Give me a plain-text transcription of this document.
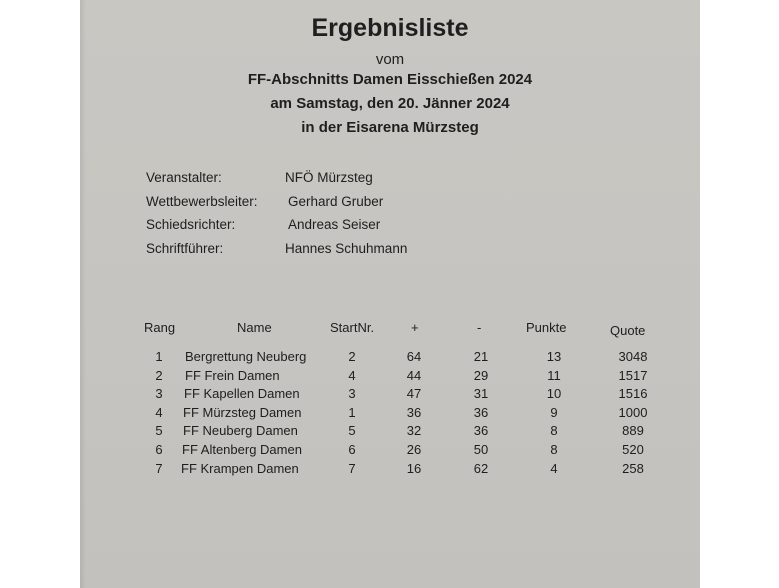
Ergebnisliste
vom
FF-Abschnitts Damen Eisschießen 2024
am Samstag, den 20. Jänner 2024
in der Eisarena Mürzsteg
Veranstalter:	NFÖ Mürzsteg
Wettbewerbsleiter: Gerhard Gruber
Schiedsrichter:	Andreas Seiser
Schriftführer:	Hannes Schuhmann
Rang	Name	StartNr.	+	-	Punkte	Quote
1	Bergrettung Neuberg	2	64	21	13	3048
2	FF Frein Damen	4	44	29	11	1517
3	FF Kapellen Damen	3	47	31	10	1516
4	FF Mürzsteg Damen	1	36	36	9	1000
5	FF Neuberg Damen	5	32	36	8	889
6	FF Altenberg Damen	6	26	50	8	520
7	FF Krampen Damen	7	16	62	4	258
